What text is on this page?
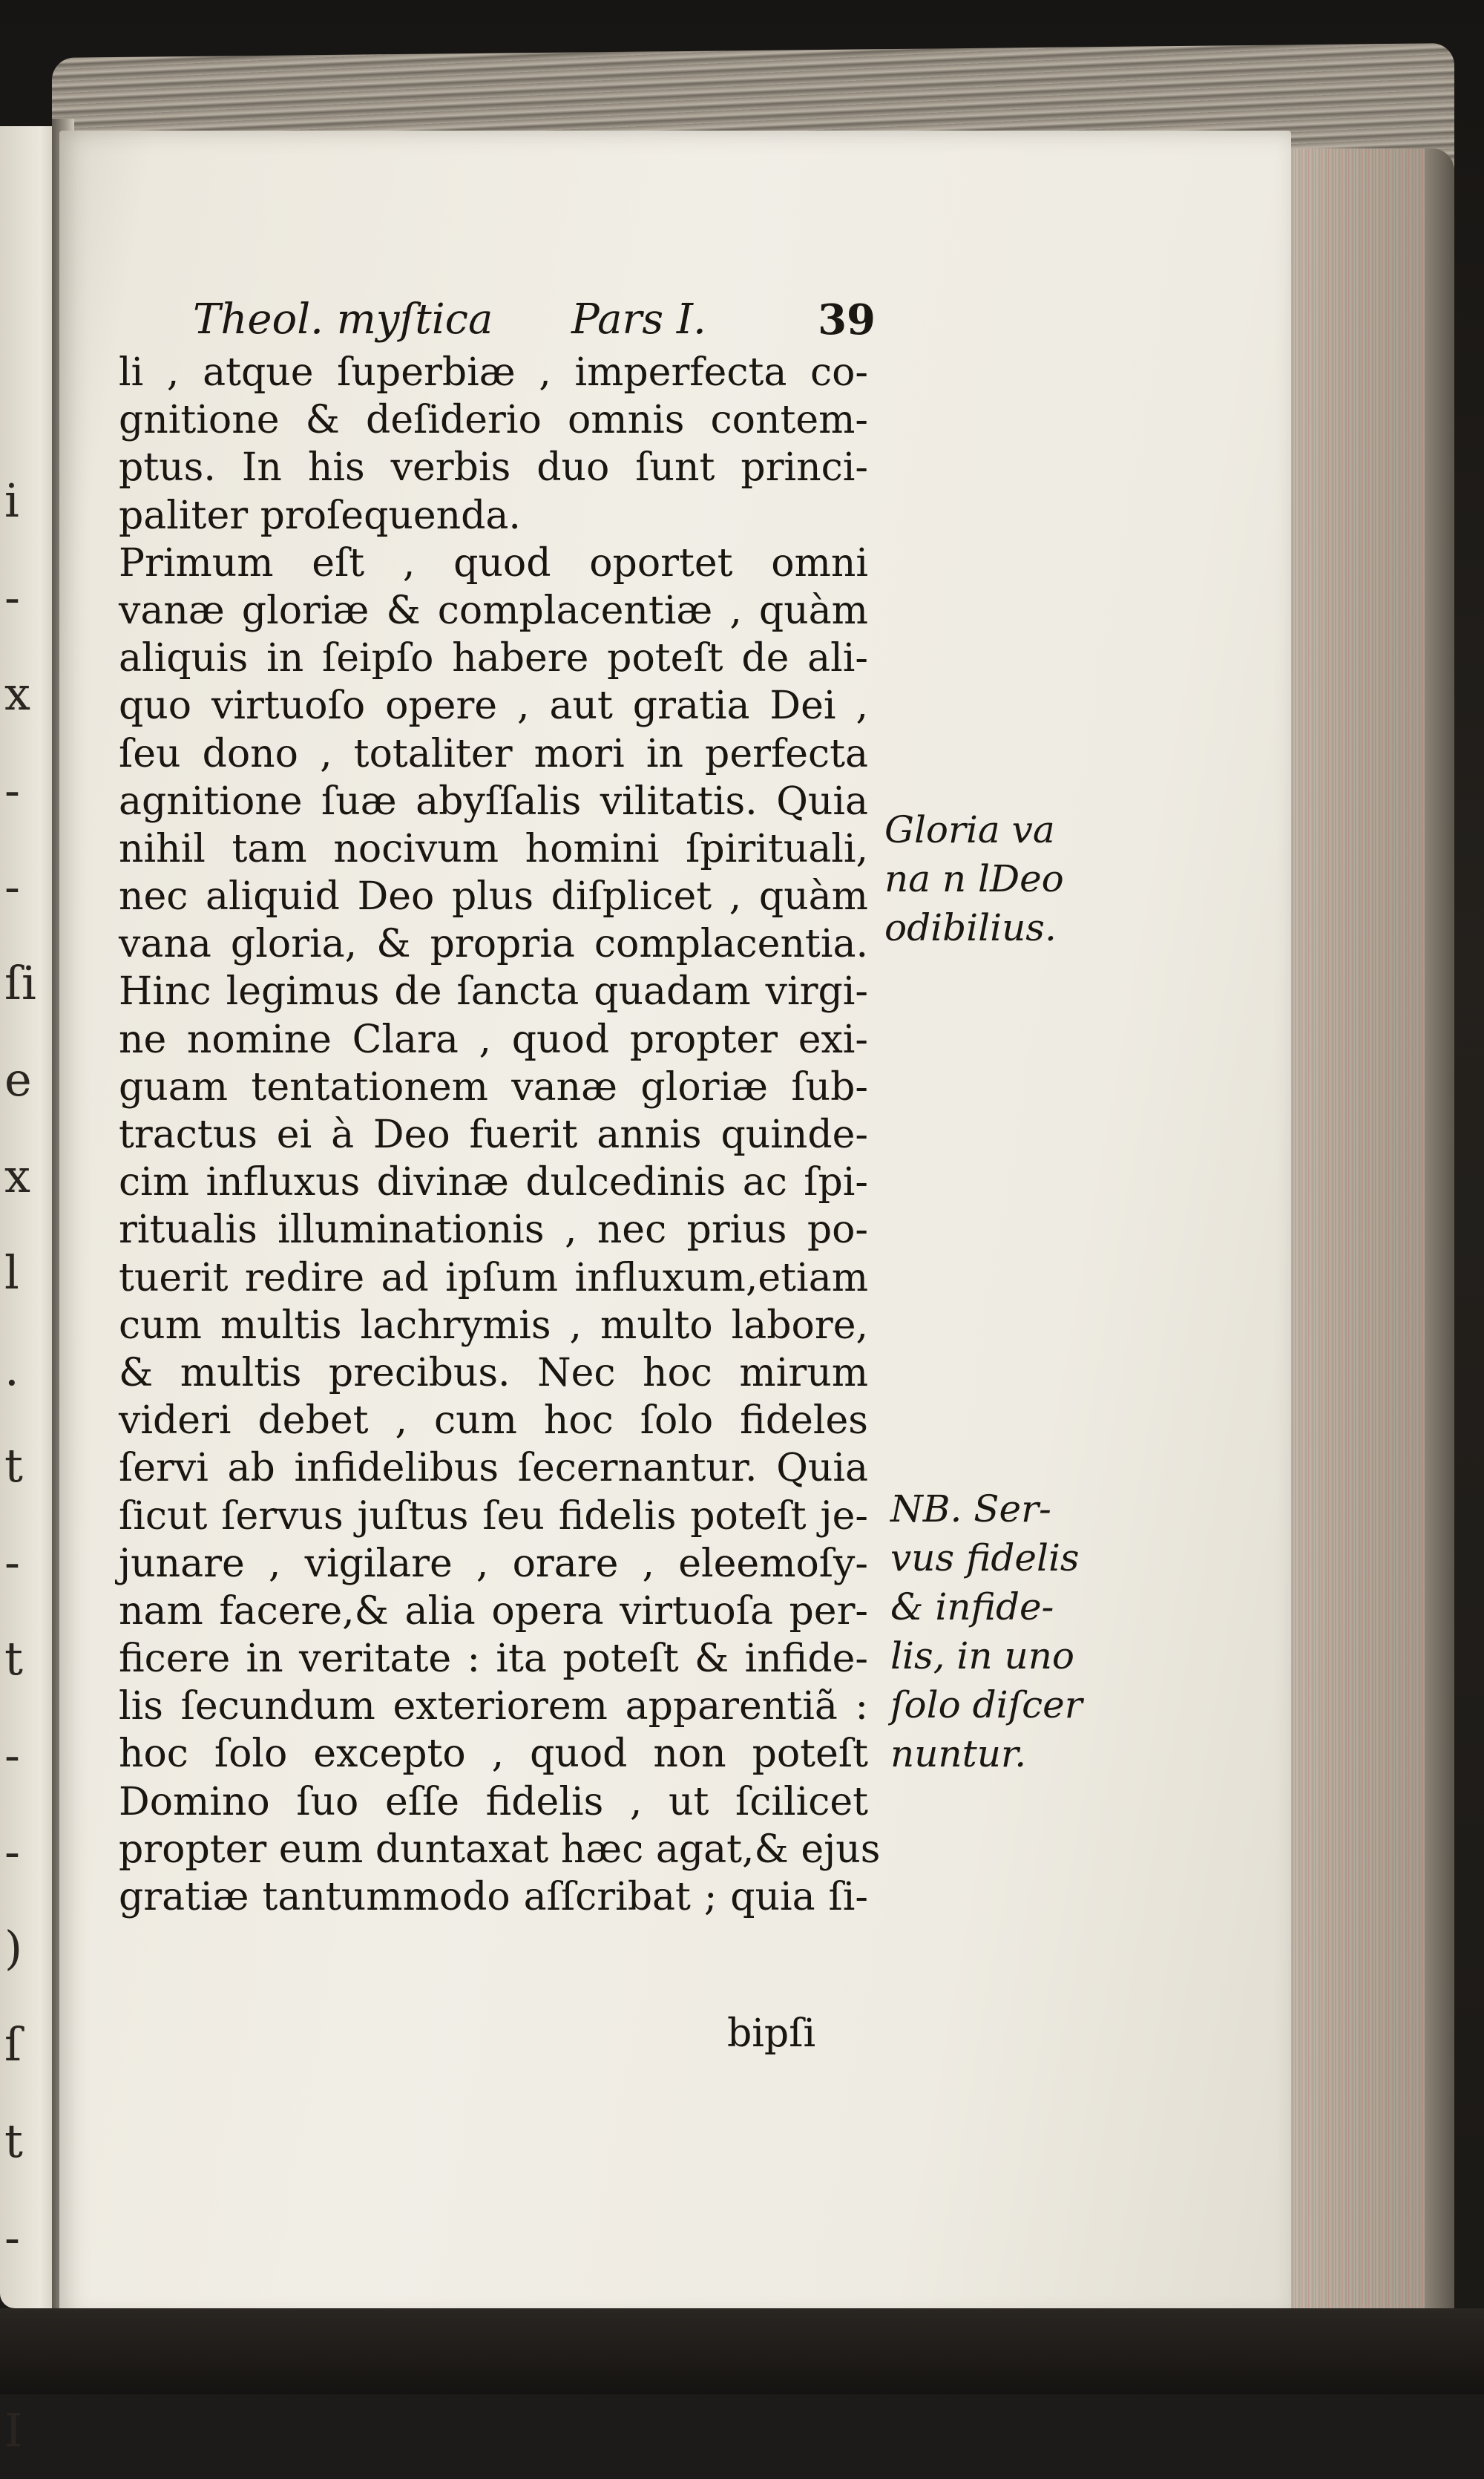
i
-
x
-
-
ſi
e
x
l
.
t
-
t
-
-
)
ſ
t
-

I
Theol. myſtica Pars I.	39
li , atque ſuperbiæ , imperfecta co-
gnitione & deſiderio omnis contem-
ptus. In his verbis duo ſunt princi-
paliter proſequenda.
Primum eſt , quod oportet omni
vanæ gloriæ & complacentiæ , quàm
aliquis in ſeipſo habere poteſt de ali-
quo virtuoſo opere , aut gratia Dei ,
ſeu dono , totaliter mori in perfecta
agnitione ſuæ abyſſalis vilitatis. Quia
nihil tam nocivum homini ſpirituali,
nec aliquid Deo plus diſplicet , quàm
vana gloria, & propria complacentia.
Hinc legimus de ſancta quadam virgi-
ne nomine Clara , quod propter exi-
guam tentationem vanæ gloriæ ſub-
tractus ei à Deo fuerit annis quinde-
cim influxus divinæ dulcedinis ac ſpi-
ritualis illuminationis , nec prius po-
tuerit redire ad ipſum influxum,etiam
cum multis lachrymis , multo labore,
& multis precibus. Nec hoc mirum
videri debet , cum hoc ſolo fideles
ſervi ab infidelibus ſecernantur. Quia
ſicut ſervus juſtus ſeu fidelis poteſt je-
junare , vigilare , orare , eleemoſy-
nam facere,& alia opera virtuoſa per-
ficere in veritate : ita poteſt & infide-
lis ſecundum exteriorem apparentiã :
hoc ſolo excepto , quod non poteſt
Domino ſuo eſſe fidelis , ut ſcilicet
propter eum duntaxat hæc agat,& ejus
gratiæ tantummodo aſſcribat ; quia ſi-
bipſi
Gloria va
na n lDeo
odibilius.
NB. Ser-
vus fidelis
& infide-
lis, in uno
ſolo diſcer
nuntur.
